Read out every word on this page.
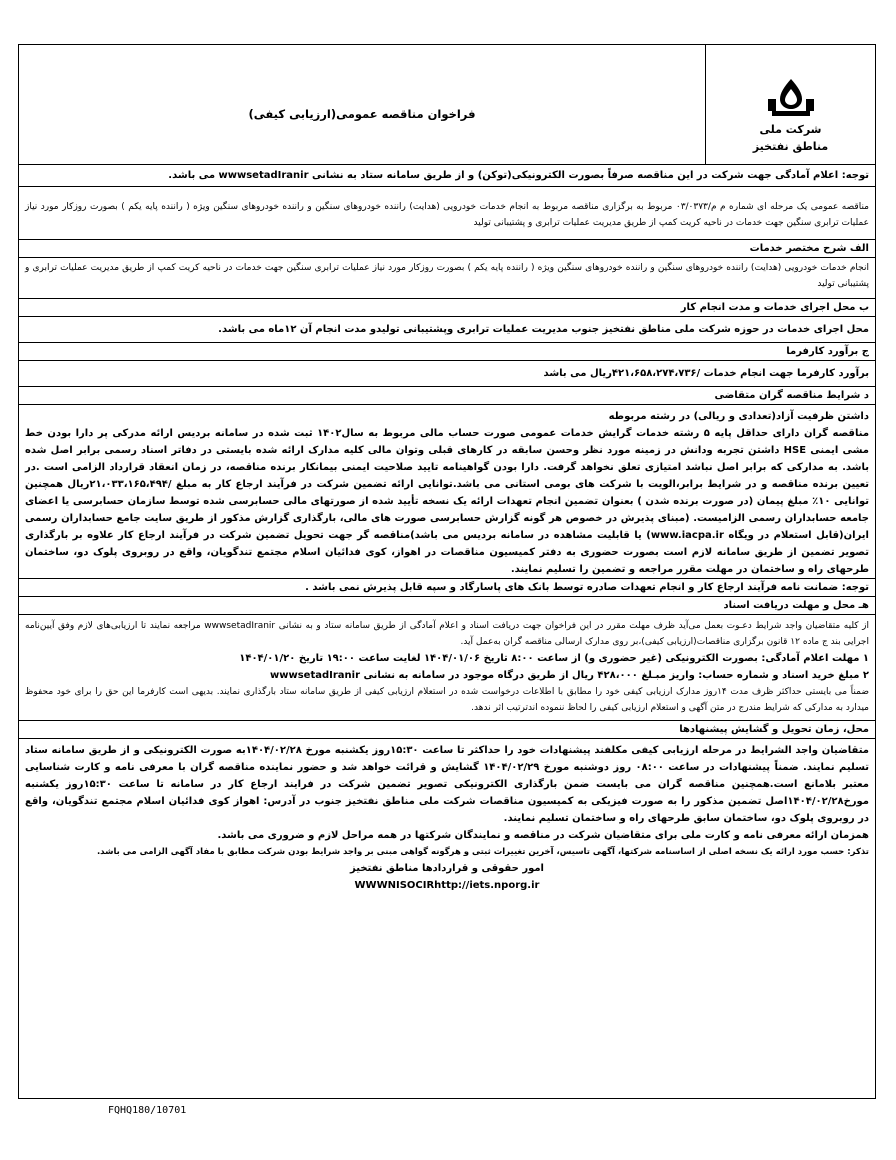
شرکت ملی
مناطق نفتخیز
فراخوان مناقصه عمومی(ارزیابی کیفی)

توجه: اعلام آمادگی جهت شرکت در این مناقصه صرفاً بصورت الکترونیکی(توکن) و از طریق سامانه ستاد به نشانی wwwsetadIranir می باشد.

مناقصه عمومی یک مرحله ای شماره م م/۰۳/۰۳۷۳ مربوط به برگزاری مناقصه مربوط به انجام خدمات خودرویی (هدایت) راننده خودروهای سنگین و راننده خودروهای سنگین ویژه ( راننده پایه یکم ) بصورت روزکار مورد نیاز عملیات ترابری سنگین جهت خدمات در ناحیه کریت کمپ از طریق مدیریت عملیات ترابری و پشتیبانی تولید

الف شرح مختصر خدمات

انجام خدمات خودرویی (هدایت) راننده خودروهای سنگین و راننده خودروهای سنگین ویژه ( راننده پایه یکم ) بصورت روزکار مورد نیاز عملیات ترابری سنگین جهت خدمات در ناحیه کریت کمپ از طریق مدیریت عملیات ترابری و پشتیبانی تولید

ب محل اجرای خدمات و مدت انجام کار

محل اجرای خدمات در حوزه شرکت ملی مناطق نفتخیز جنوب مدیریت عملیات ترابری وپشتیبانی تولیدو مدت انجام آن ۱۲ماه می باشد.

ج برآورد کارفرما

برآورد کارفرما جهت انجام خدمات /۴۲۱،۶۵۸،۲۷۴،۷۳۶ریال می باشد

د شرایط مناقصه گران متقاضی

داشتن ظرفیت آزاد(تعدادی و ریالی) در رشته مربوطه

مناقصه گران دارای حداقل پایه ۵ رشته خدمات گرایش خدمات عمومی صورت حساب مالی مربوط به سال۱۴۰۲ ثبت شده در سامانه بردیس ارائه مدرکی پر دارا بودن خط مشی ایمنی HSE داشتن تجربه ودانش در زمینه مورد نظر وحسن سابقه در کارهای قبلی وتوان مالی کلیه مدارک ارائه شده بایستی در دفاتر اسناد رسمی برابر اصل شده باشد. به مدارکی که برابر اصل نباشد امتیازی تعلق نخواهد گرفت. دارا بودن گواهینامه تایید صلاحیت ایمنی بیمانکار برنده مناقصه، در زمان انعقاد قرارداد الزامی است .در تعیین برنده مناقصه و در شرایط برابر،الویت با شرکت های بومی استانی می باشد.توانایی ارائه تضمین شرکت در فرآیند ارجاع کار به مبلغ /۲۱،۰۳۳،۱۶۵،۴۹۴ریال همچنین توانایی ۱۰٪ مبلغ پیمان (در صورت برنده شدن ) بعنوان تضمین انجام تعهدات ارائه یک نسخه تأیید شده از صورتهای مالی حسابرسی شده توسط سازمان حسابرسی یا اعضای جامعه حسابداران رسمی الزامیست. (مبنای پذیرش در خصوص هر گونه گزارش حسابرسی صورت های مالی، بارگذاری گزارش مذکور از طریق سایت جامع حسابداران رسمی ایران(قابل استعلام در ویگاه www.iacpa.ir) یا قابلیت مشاهده در سامانه بردیس می باشد)مناقصه گر جهت تحویل تضمین شرکت در فرآیند ارجاع کار علاوه بر بارگذاری تصویر تضمین از طریق سامانه لازم است بصورت حضوری به دفتر کمیسیون مناقصات در اهواز، کوی فدائیان اسلام مجتمع تندگویان، واقع در روبروی پلوک دو، ساختمان طرحهای راه و ساختمان در مهلت مقرر مراجعه و تضمین را تسلیم نمایند.

توجه: ضمانت نامه فرآیند ارجاع کار و انجام تعهدات صادره توسط بانک های پاسارگاد و سپه قابل پذیرش نمی باشد .

هـ محل و مهلت دریافت اسناد

از کلیه متقاضیان واجد شرایط دعـوت بعمل می‌آید ظرف مهلت مقرر در این فراخوان جهت دریافت اسناد و اعلام آمادگی از طریق سامانه ستاد و به نشانی wwwsetadIranir مراجعه نمایند تا ارزیابی‌های لازم وفق آیین‌نامه اجرایی بند ج ماده ۱۲ قانون برگزاری مناقصات(ارزیابی کیفی)،بر روی مدارک ارسالی مناقصه گران به‌عمل آید.

۱ مهلت اعلام آمادگی: بصورت الکترونیکی (غیر حضوری و) از ساعت ۸:۰۰ تاریخ ۱۴۰۴/۰۱/۰۶ لغایت ساعت ۱۹:۰۰ تاریخ ۱۴۰۴/۰۱/۲۰

۲ مبلغ خرید اسناد و شماره حساب: واریز مبـلغ ۴۲۸،۰۰۰ ریال از طریق درگاه موجود در سامانه به نشانی wwwsetadIranir

ضمناً می بایستی حداکثر ظرف مدت ۱۴روز مدارک ارزیابی کیفی خود را مطابق با اطلاعات درخواست شده در استعلام ارزیابی کیفی از طریق سامانه ستاد بارگذاری نمایند. بدیهی است کارفرما این حق را برای خود محفوظ میدارد به مدارکی که شرایط مندرج در متن آگهی و استعلام ارزیابی کیفی را لحاظ ننموده اندترتیب اثر ندهد.

محل، زمان تحویل و گشایش پیشنهادها

متقاضیان واجد الشرایط در مرحله ارزیابی کیفی مکلفند پیشنهادات خود را حداکثر تا ساعت ۱۵:۳۰روز یکشنبه مورخ ۱۴۰۴/۰۲/۲۸به صورت الکترونیکی و از طریق سامانه ستاد تسلیم نمایند. ضمناً پیشنهادات در ساعت ۰۸:۰۰ روز دوشنبه مورخ ۱۴۰۴/۰۲/۲۹ گشایش و قرائت خواهد شد و حضور نماینده مناقصه گران با معرفی نامه و کارت شناسایی معتبر بلامانع است.همچنین مناقصه گران می بایست ضمن بارگذاری الکترونیکی تصویر تضمین شرکت در فرایند ارجاع کار در سامانه تا ساعت ۱۵:۳۰روز یکشنبه مورخ۱۴۰۴/۰۲/۲۸اصل تضمین مذکور را به صورت فیزیکی به کمیسیون مناقصات شرکت ملی مناطق نفتخیز جنوب در آدرس: اهواز کوی فدائیان اسلام مجتمع تندگویان، واقع در روبروی پلوک دو، ساختمان سابق طرحهای راه و ساختمان تسلیم نمایند.

همزمان ارائه معرفی نامه و کارت ملی برای متقاضیان شرکت در مناقصه و نمایندگان شرکتها در همه مراحل لازم و ضروری می باشد.

تذکر: حسب مورد ارائه یک نسخه اصلی از اساسنامه شرکتها، آگهی تاسیس، آخرین تغییرات ثبتی و هرگونه گواهی مبنی بر واجد شرایط بودن شرکت مطابق با مفاد آگهی الزامی می باشد.

امور حقوقی و قراردادها مناطق نفتخیز

WWWNISOCIRhttp://iets.nporg.ir

FQHQ180/10701
